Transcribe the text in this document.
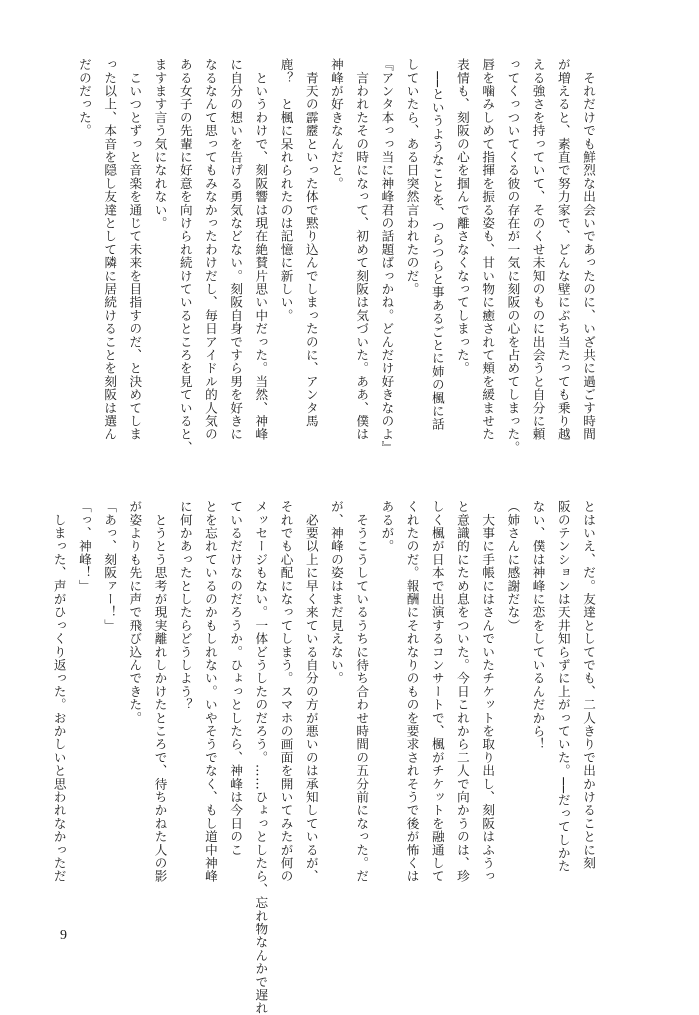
　それだけでも鮮烈な出会いであったのに、いざ共に過ごす時間

が増えると、素直で努力家で、どんな壁にぶち当たっても乗り越

える強さを持っていて、そのくせ未知のものに出会うと自分に頼

ってくっついてくる彼の存在が一気に刻阪の心を占めてしまった。

唇を噛みしめて指揮を振る姿も、甘い物に癒されて頬を緩ませた

表情も、刻阪の心を掴んで離さなくなってしまった。

　──というようなことを、つらつらと事あるごとに姉の楓に話

していたら、ある日突然言われたのだ。

『アンタ本っっ当に神峰君の話題ばっかね。どんだけ好きなのよ』

　言われたその時になって、初めて刻阪は気づいた。ああ、僕は

神峰が好きなんだと。

　青天の霹靂といった体で黙り込んでしまったのに、アンタ馬

鹿？　と楓に呆れられたのは記憶に新しい。

　というわけで、刻阪響は現在絶賛片思い中だった。当然、神峰

に自分の想いを告げる勇気などない。刻阪自身ですら男を好きに

なるなんて思ってもみなかったわけだし、毎日アイドル的人気の

ある女子の先輩に好意を向けられ続けているところを見ていると、

ますます言う気になれない。

　こいつとずっと音楽を通じて未来を目指すのだ、と決めてしま

った以上、本音を隠し友達として隣に居続けることを刻阪は選ん

だのだった。

とはいえ、だ。友達としてでも、二人きりで出かけることに刻

阪のテンションは天井知らずに上がっていた。──だってしかた

ない、僕は神峰に恋をしているんだから！

（姉さんに感謝だな）

　大事に手帳にはさんでいたチケットを取り出し、刻阪はふうっ

と意識的にため息をついた。今日これから二人で向かうのは、珍

しく楓が日本で出演するコンサートで、楓がチケットを融通して

くれたのだ。報酬にそれなりのものを要求されそうで後が怖くは

あるが。

　そうこうしているうちに待ち合わせ時間の五分前になった。だ

が、神峰の姿はまだ見えない。

　必要以上に早く来ている自分の方が悪いのは承知しているが、

それでも心配になってしまう。スマホの画面を開いてみたが何の

メッセージもない。一体どうしたのだろう。……ひょっとしたら、忘れ物なんかで遅れ

ているだけなのだろうか。ひょっとしたら、神峰は今日のこ

とを忘れているのかもしれない。いやそうでなく、もし道中神峰

に何かあったとしたらどうしよう？

　とうとう思考が現実離れしかけたところで、待ちかねた人の影

が姿よりも先に声で飛び込んできた。

「あっ、刻阪ァー！」

「っ、神峰！」

　しまった、声がひっくり返った。おかしいと思われなかっただ

9
